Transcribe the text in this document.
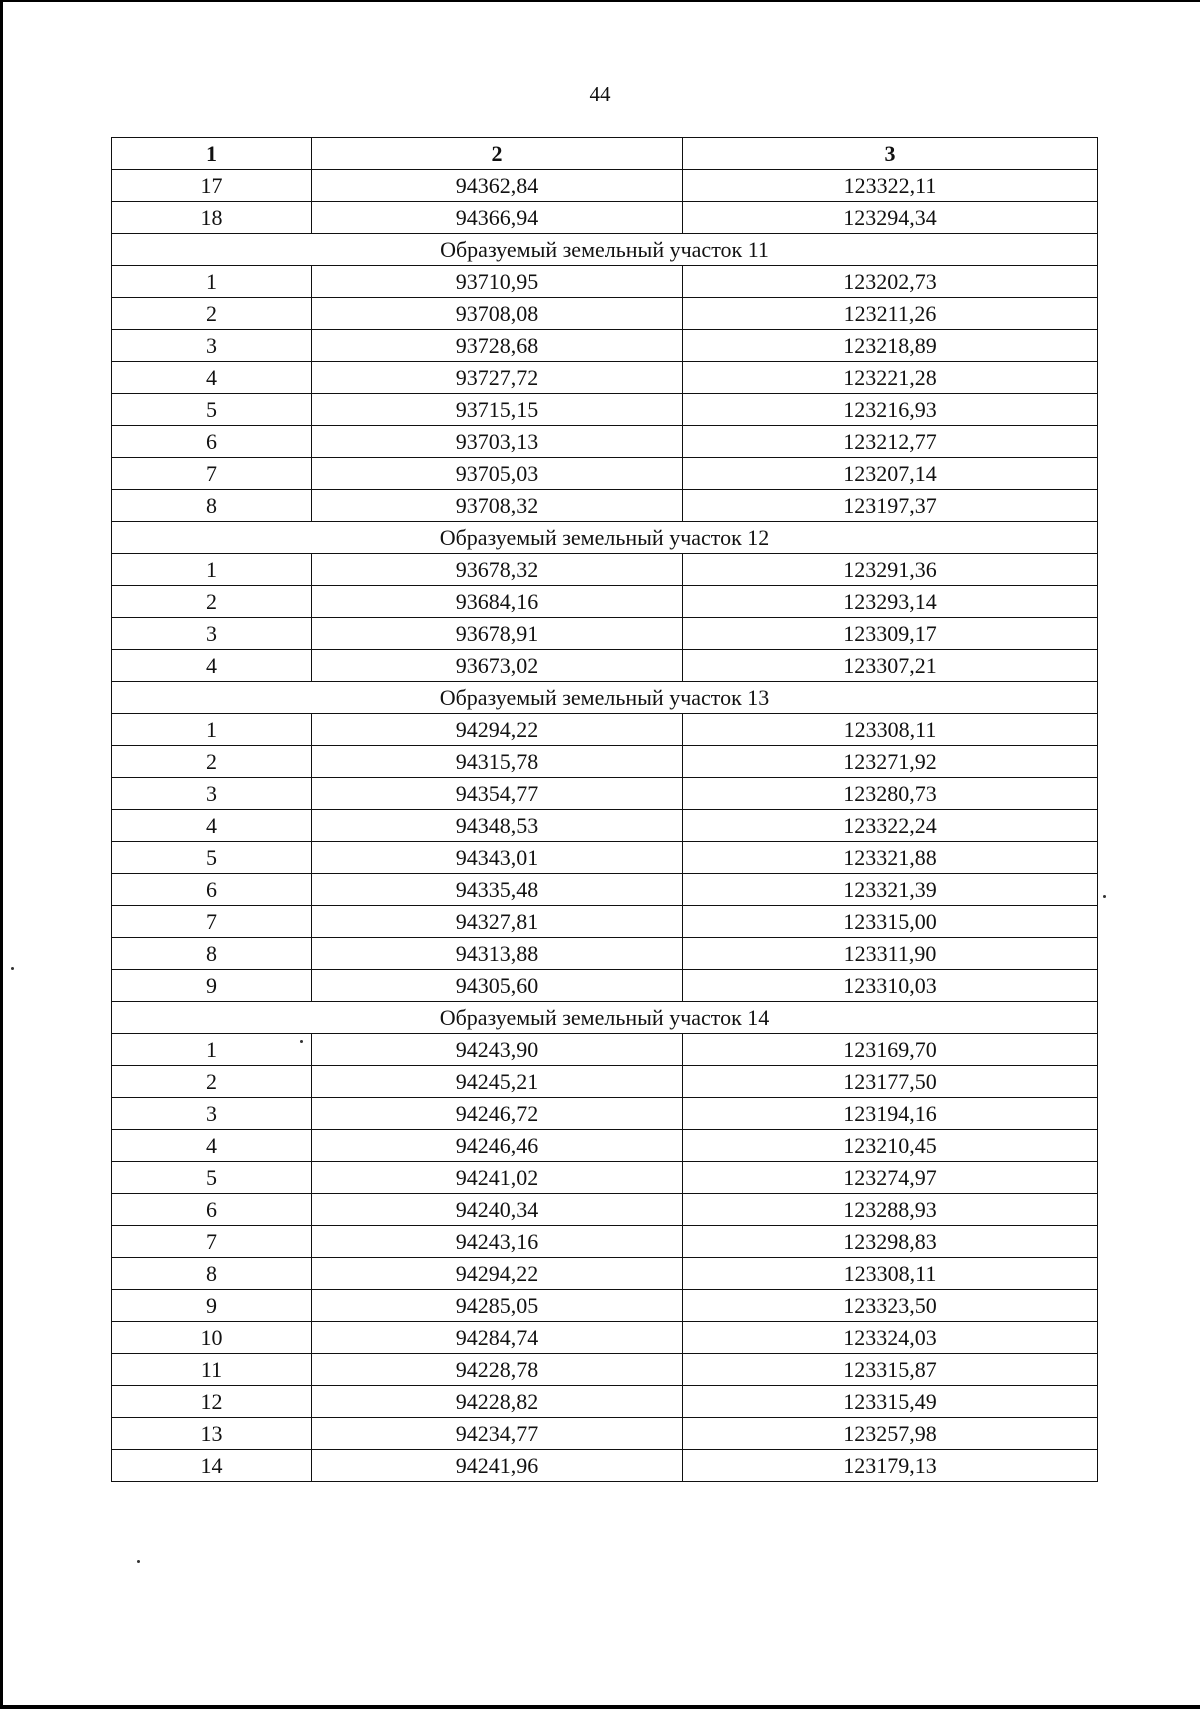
44
1	2	3
17	94362,84	123322,11
18	94366,94	123294,34
Образуемый земельный участок 11		
1	93710,95	123202,73
2	93708,08	123211,26
3	93728,68	123218,89
4	93727,72	123221,28
5	93715,15	123216,93
6	93703,13	123212,77
7	93705,03	123207,14
8	93708,32	123197,37
Образуемый земельный участок 12		
1	93678,32	123291,36
2	93684,16	123293,14
3	93678,91	123309,17
4	93673,02	123307,21
Образуемый земельный участок 13		
1	94294,22	123308,11
2	94315,78	123271,92
3	94354,77	123280,73
4	94348,53	123322,24
5	94343,01	123321,88
6	94335,48	123321,39
7	94327,81	123315,00
8	94313,88	123311,90
9	94305,60	123310,03
Образуемый земельный участок 14		
1	94243,90	123169,70
2	94245,21	123177,50
3	94246,72	123194,16
4	94246,46	123210,45
5	94241,02	123274,97
6	94240,34	123288,93
7	94243,16	123298,83
8	94294,22	123308,11
9	94285,05	123323,50
10	94284,74	123324,03
11	94228,78	123315,87
12	94228,82	123315,49
13	94234,77	123257,98
14	94241,96	123179,13
